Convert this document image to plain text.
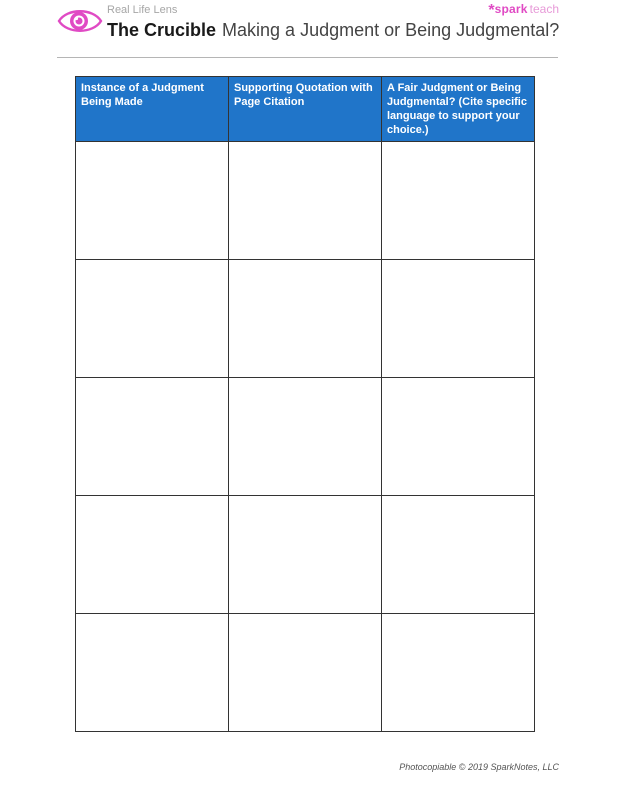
Real Life Lens
The Crucible Making a Judgment or Being Judgmental?
*spark teach
Instance of a Judgment Being Made	Supporting Quotation with Page Citation	A Fair Judgment or Being Judgmental? (Cite specific language to support your choice.)

Photocopiable © 2019 SparkNotes, LLC
